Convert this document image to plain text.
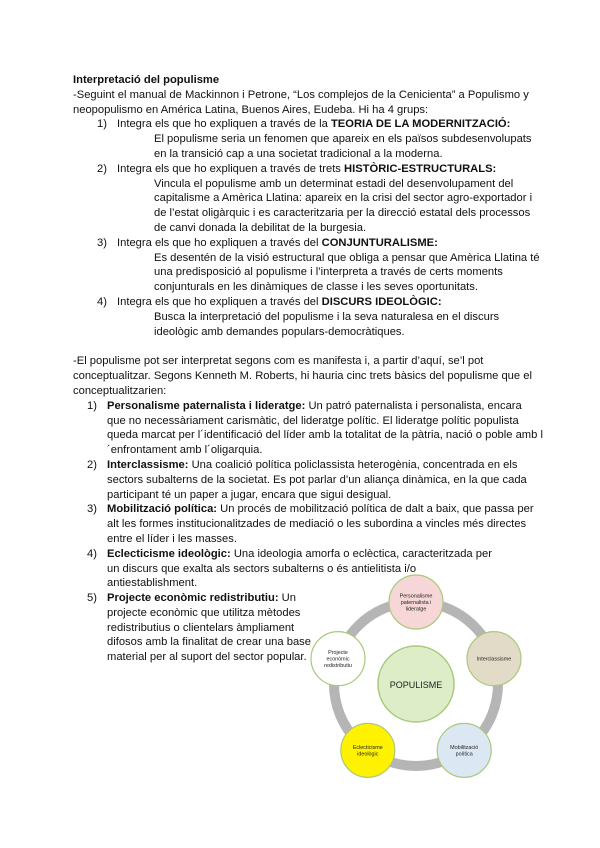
Interpretació del populisme

-Seguint el manual de Mackinnon i Petrone, “Los complejos de la Cenicienta” a Populismo y neopopulismo en América Latina, Buenos Aires, Eudeba. Hi ha 4 grups:

1) Integra els que ho expliquen a través de la TEORIA DE LA MODERNITZACIÓ:
El populisme seria un fenomen que apareix en els països subdesenvolupats en la transició cap a una societat tradicional a la moderna.
2) Integra els que ho expliquen a través de trets HISTÒRIC-ESTRUCTURALS:
Vincula el populisme amb un determinat estadi del desenvolupament del capitalisme a Amèrica Llatina: apareix en la crisi del sector agro-exportador i de l’estat oligàrquic i es caracteritzaria per la direcció estatal dels processos de canvi donada la debilitat de la burgesia.
3) Integra els que ho expliquen a través del CONJUNTURALISME:
Es desentén de la visió estructural que obliga a pensar que Amèrica Llatina té una predisposició al populisme i l’interpreta a través de certs moments conjunturals en les dinàmiques de classe i les seves oportunitats.
4) Integra els que ho expliquen a través del DISCURS IDEOLÒGIC:
Busca la interpretació del populisme i la seva naturalesa en el discurs ideològic amb demandes populars-democràtiques.

-El populisme pot ser interpretat segons com es manifesta i, a partir d’aquí, se’l pot conceptualitzar. Segons Kenneth M. Roberts, hi hauria cinc trets bàsics del populisme que el conceptualitzarien:

1) Personalisme paternalista i lideratge: Un patró paternalista i personalista, encara que no necessàriament carismàtic, del lideratge polític. El lideratge polític populista queda marcat per l´identificació del líder amb la totalitat de la pàtria, nació o poble amb l´enfrontament amb l´oligarquia.
2) Interclassisme: Una coalició política policlassista heterogènia, concentrada en els sectors subalterns de la societat. Es pot parlar d’un aliança dinàmica, en la que cada participant té un paper a jugar, encara que sigui desigual.
3) Mobilització política: Un procés de mobilització política de dalt a baix, que passa per alt les formes institucionalitzades de mediació o les subordina a vincles més directes entre el líder i les masses.
4) Eclecticisme ideològic: Una ideologia amorfa o eclèctica, caracteritzada per un discurs que exalta als sectors subalterns o és antielitista i/o antiestablishment.
5) Projecte econòmic redistributiu: Un projecte econòmic que utilitza mètodes redistributius o clientelars àmpliament difosos amb la finalitat de crear una base material per al suport del sector popular.
POPULISME
Personalisme
paternalista i
lideratge
Interclassisme
Mobilització
política
Eclecticisme
ideològic
Projecte
econòmic
redistributiu
